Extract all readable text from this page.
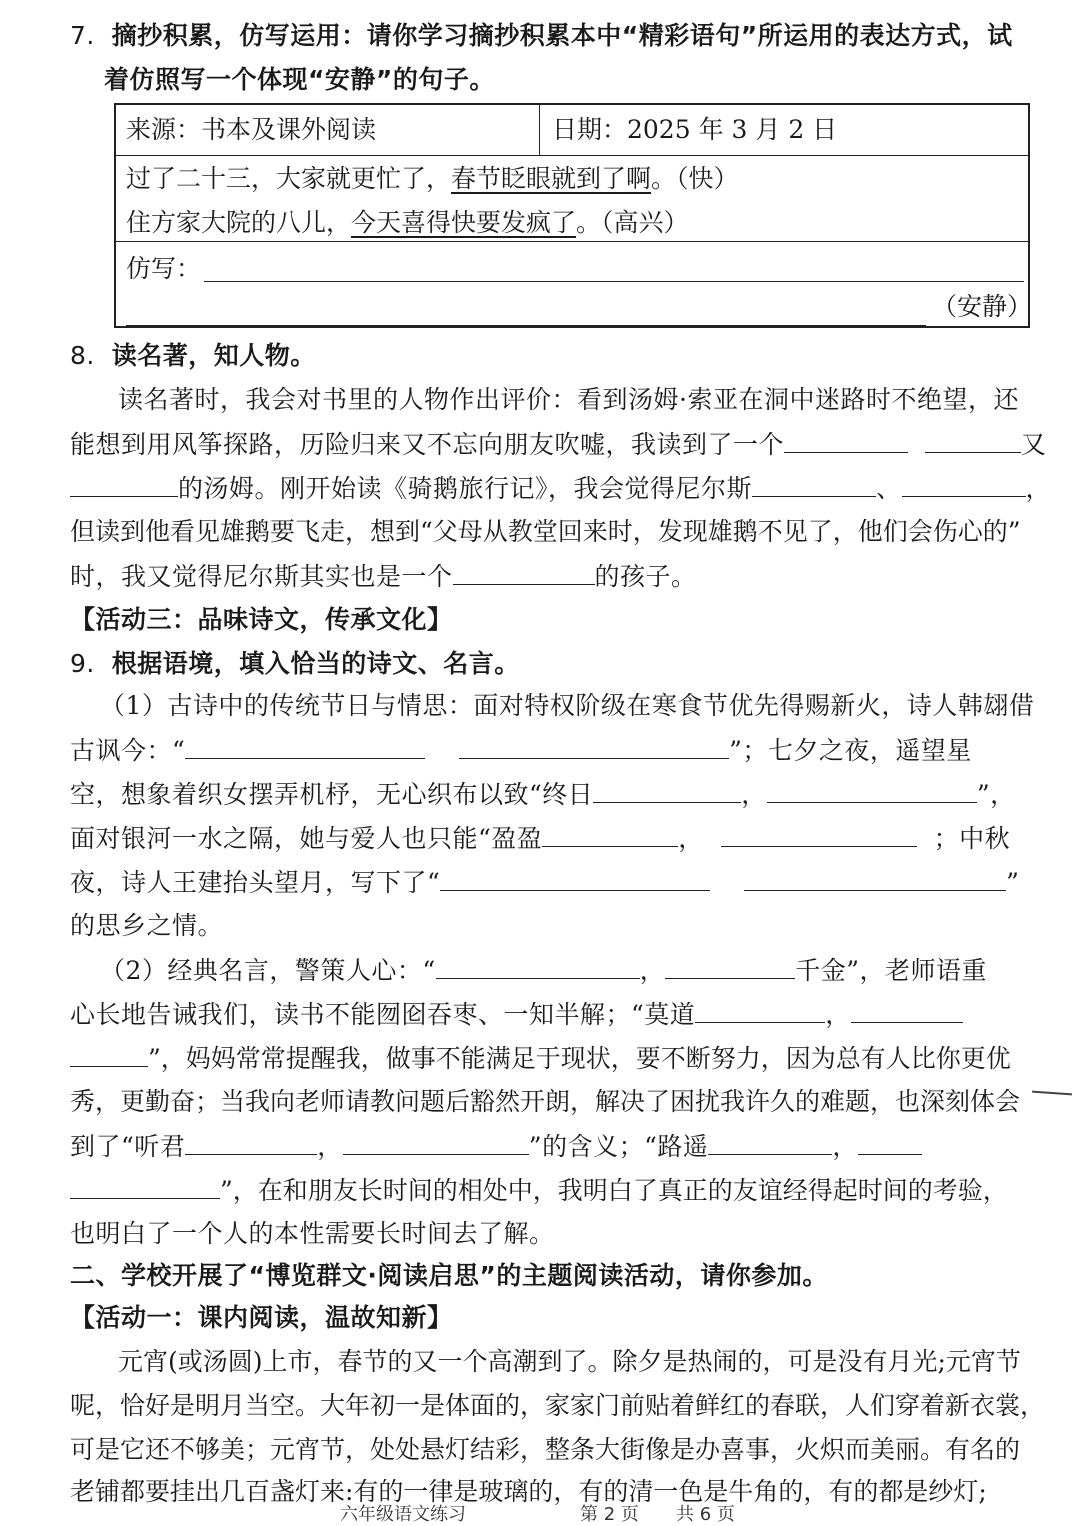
7. 摘抄积累，仿写运用：请你学习摘抄积累本中“精彩语句”所运用的表达方式，试
着仿照写一个体现“安静”的句子。
来源：书本及课外阅读	日期：2025 年 3 月 2 日
过了二十三，大家就更忙了，春节眨眼就到了啊。（快）
住方家大院的八儿，今天喜得快要发疯了。（高兴）
仿写：
（安静）
8. 读名著，知人物。
读名著时，我会对书里的人物作出评价：看到汤姆·索亚在洞中迷路时不绝望，还
能想到用风筝探路，历险归来又不忘向朋友吹嘘，我读到了一个	又
的汤姆。刚开始读《骑鹅旅行记》，我会觉得尼尔斯	、	，
但读到他看见雄鹅要飞走，想到“父母从教堂回来时，发现雄鹅不见了，他们会伤心的”
时，我又觉得尼尔斯其实也是一个	的孩子。
【活动三：品味诗文，传承文化】
9. 根据语境，填入恰当的诗文、名言。
（1）古诗中的传统节日与情思：面对特权阶级在寒食节优先得赐新火，诗人韩翃借
古讽今：“	”；七夕之夜，遥望星
空，想象着织女摆弄机杼，无心织布以致“终日	，	”，
面对银河一水之隔，她与爱人也只能“盈盈	，	；中秋
夜，诗人王建抬头望月，写下了“	”
的思乡之情。
（2）经典名言，警策人心：“	，	千金”，老师语重
心长地告诫我们，读书不能囫囵吞枣、一知半解；“莫道	，
”，妈妈常常提醒我，做事不能满足于现状，要不断努力，因为总有人比你更优
秀，更勤奋；当我向老师请教问题后豁然开朗，解决了困扰我许久的难题，也深刻体会
到了“听君	，	”的含义；“路遥	，
”，在和朋友长时间的相处中，我明白了真正的友谊经得起时间的考验，
也明白了一个人的本性需要长时间去了解。
二、学校开展了“博览群文·阅读启思”的主题阅读活动，请你参加。
【活动一：课内阅读，温故知新】
元宵(或汤圆)上市，春节的又一个高潮到了。除夕是热闹的，可是没有月光;元宵节
呢，恰好是明月当空。大年初一是体面的，家家门前贴着鲜红的春联，人们穿着新衣裳，
可是它还不够美；元宵节，处处悬灯结彩，整条大街像是办喜事，火炽而美丽。有名的
老铺都要挂出几百盏灯来:有的一律是玻璃的，有的清一色是牛角的，有的都是纱灯;
六年级语文练习	第 2 页 共 6 页
